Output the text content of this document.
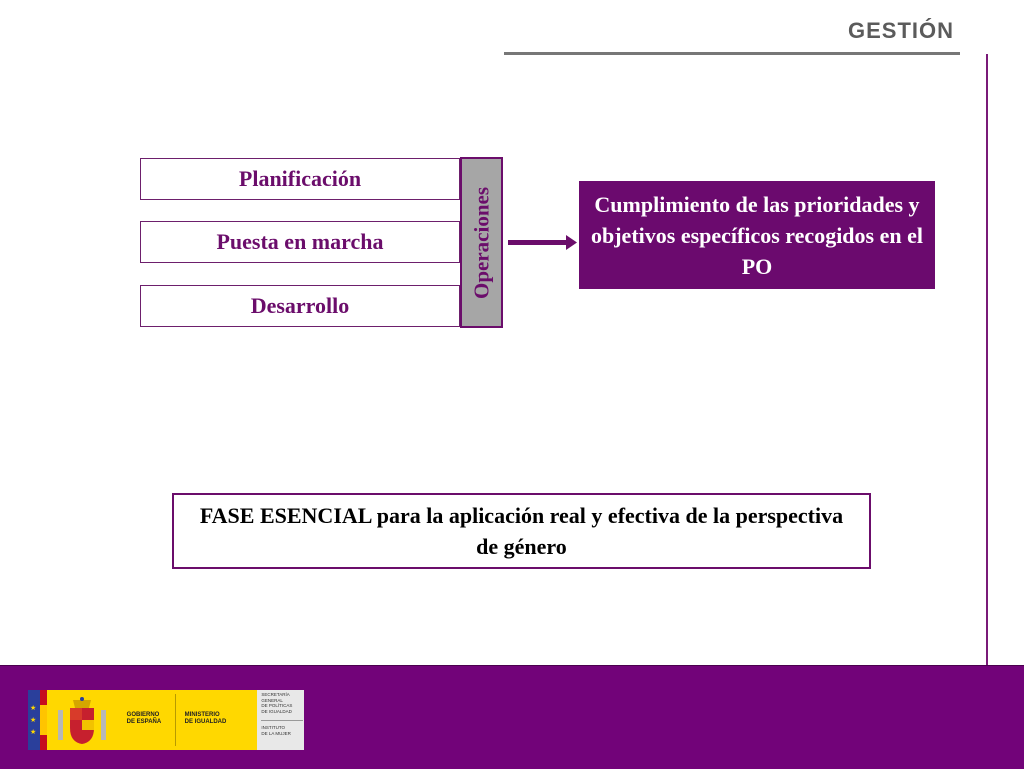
GESTIÓN
Planificación
Puesta en marcha
Desarrollo
Operaciones	Cumplimiento de las prioridades y objetivos específicos recogidos en el PO
FASE ESENCIAL para la aplicación real y efectiva de la perspectiva de género
★
★
★
GOBIERNO
DE ESPAÑA
MINISTERIO
DE IGUALDAD
SECRETARÍA
GENERAL
DE POLÍTICAS
DE IGUALDAD
INSTITUTO
DE LA MUJER
